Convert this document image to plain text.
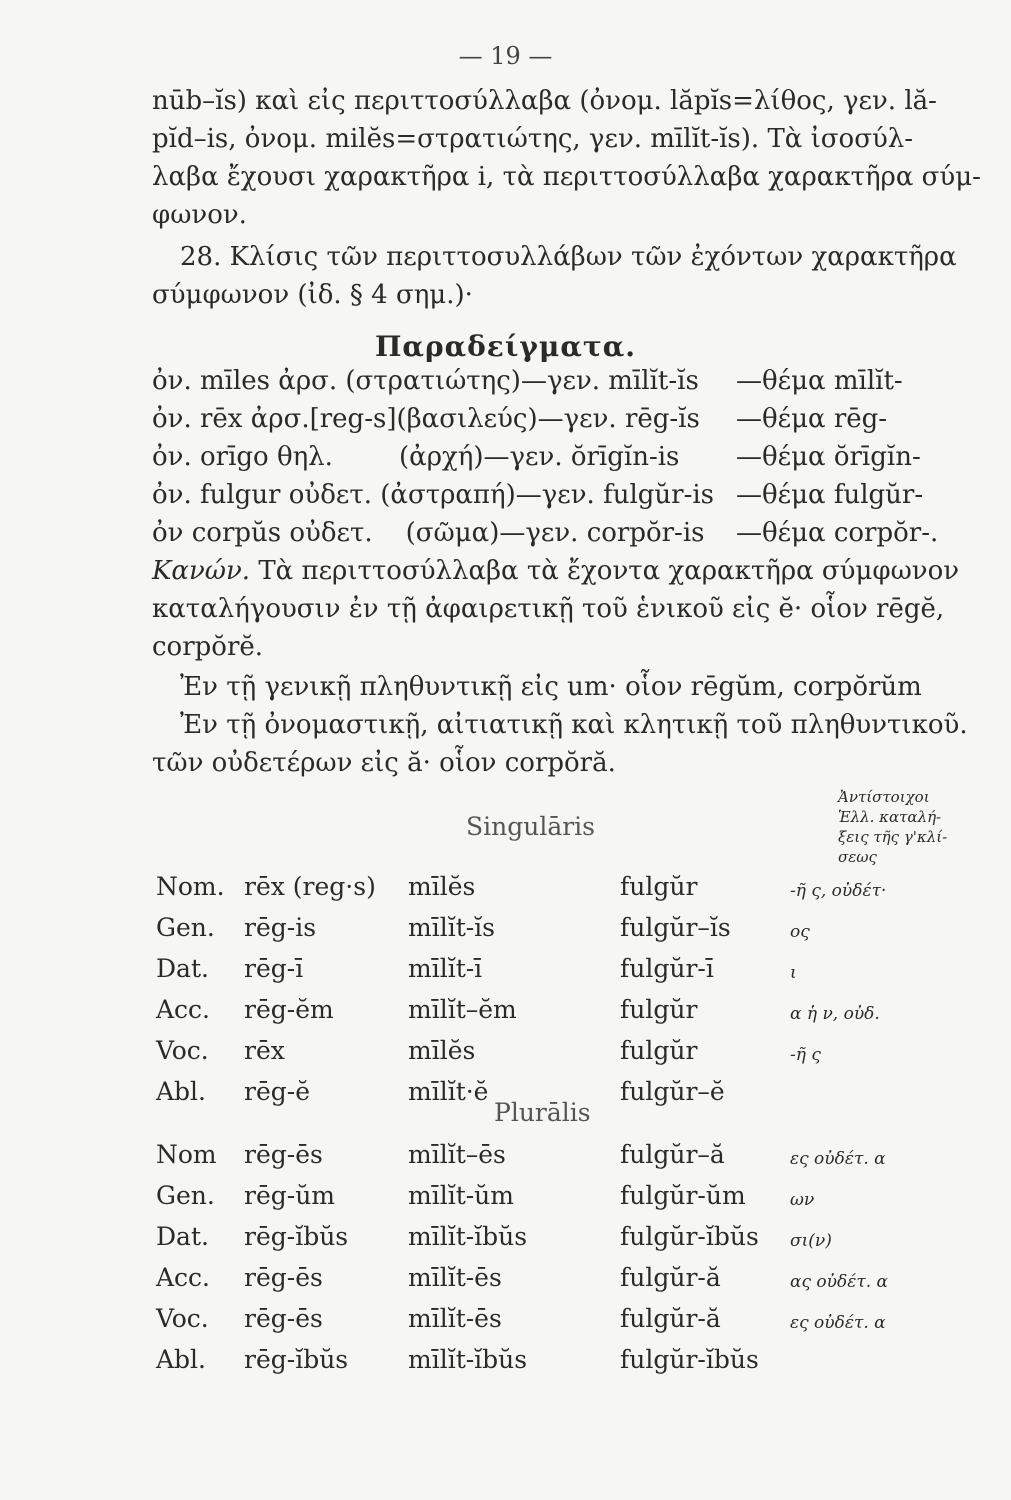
— 19 —
nūb–ĭs) καὶ εἰς περιττοσύλλαβα (ὀνομ. lăpĭs=λίθος, γεν. lă-
pĭd–is, ὀνομ. milĕs=στρατιώτης, γεν. mīlĭt-ĭs). Τὰ ἰσοσύλ-
λαβα ἔχουσι χαρακτῆρα i, τὰ περιττοσύλλαβα χαρακτῆρα σύμ-
φωνον.
28. Κλίσις τῶν περιττοσυλλάβων τῶν ἐχόντων χαρακτῆρα
σύμφωνον (ἰδ. § 4 σημ.)·
Παραδείγματα.
ὀν. mīles ἀρσ. (στρατιώτης)—γεν. mīlĭt-ĭs —θέμα mīlĭt-
ὀν. rēx ἀρσ.[reg-s](βασιλεύς)—γεν. rēg-ĭs —θέμα rēg-
ὀν. orīgo θηλ.        (ἀρχή)—γεν. ŏrīgĭn-is —θέμα ŏrīgĭn-
ὀν. fulgur οὐδετ. (ἀστραπή)—γεν. fulgŭr-is —θέμα fulgŭr-
ὀν corpŭs οὐδετ.    (σῶμα)—γεν. corpŏr-is —θέμα corpŏr-.
Κανών. Τὰ περιττοσύλλαβα τὰ ἔχοντα χαρακτῆρα σύμφωνον
καταλήγουσιν ἐν τῇ ἀφαιρετικῇ τοῦ ἑνικοῦ εἰς ĕ· οἷον rēgĕ,
corpŏrĕ.
Ἐν τῇ γενικῇ πληθυντικῇ εἰς um· οἷον rēgŭm, corpŏrŭm
Ἐν τῇ ὀνομαστικῇ, αἰτιατικῇ καὶ κλητικῇ τοῦ πληθυντικοῦ.
τῶν οὐδετέρων εἰς ă· οἷον corpŏră.
Ἀντίστοιχοι
Ἑλλ. καταλή-
ξεις τῆς γ'κλί-
σεως
Singulāris
Nom. rēx (reg·s) mīlĕs	fulgŭr	-ῆ ς, οὐδέτ·
Gen. rēg-is	mīlĭt-ĭs	fulgŭr–ĭs	ος
Dat. rēg-ī	mīlĭt-ī	fulgŭr-ī	ι
Acc. rēg-ĕm	mīlĭt–ĕm	fulgŭr	α ἡ ν, οὐδ.
Voc. rēx	mīlĕs	fulgŭr	-ῆ ς
Abl. rēg-ĕ	mīlĭt·ĕ	fulgŭr–ĕ
Plurālis
Nom rēg-ēs	mīlĭt–ēs	fulgŭr–ă	ες οὐδέτ. α
Gen. rēg-ŭm	mīlĭt-ŭm	fulgŭr-ŭm	ων
Dat. rēg-ĭbŭs mīlĭt-ĭbŭs	fulgŭr-ĭbŭs σι(ν)
Acc. rēg-ēs	mīlĭt-ēs	fulgŭr-ă	ας οὐδέτ. α
Voc. rēg-ēs	mīlĭt-ēs	fulgŭr-ă	ες οὐδέτ. α
Abl. rēg-ĭbŭs mīlĭt-ĭbŭs	fulgŭr-ĭbŭs
